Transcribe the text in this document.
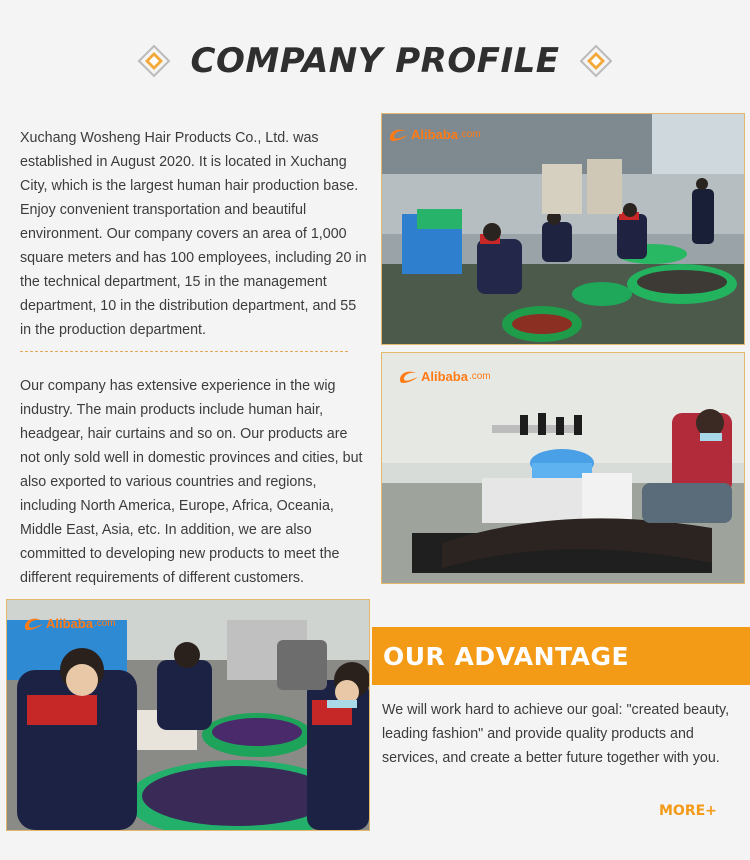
COMPANY PROFILE

Xuchang Wosheng Hair Products Co., Ltd. was established in August 2020. It is located in Xuchang City, which is the largest human hair production base. Enjoy convenient transportation and beautiful environment. Our company covers an area of 1,000 square meters and has 100 employees, including 20 in the technical department, 15 in the management department, 10 in the distribution department, and 55 in the production department.

Our company has extensive experience in the wig industry. The main products include human hair, headgear, hair curtains and so on. Our products are not only sold well in domestic provinces and cities, but also exported to various countries and regions, including North America, Europe, Africa, Oceania, Middle East, Asia, etc. In addition, we are also committed to developing new products to meet the different requirements of different customers.

Alibaba .com
Alibaba .com
Alibaba .com
OUR ADVANTAGE

We will work hard to achieve our goal: "created beauty, leading fashion" and provide quality products and services, and create a better future together with you.

MORE+
